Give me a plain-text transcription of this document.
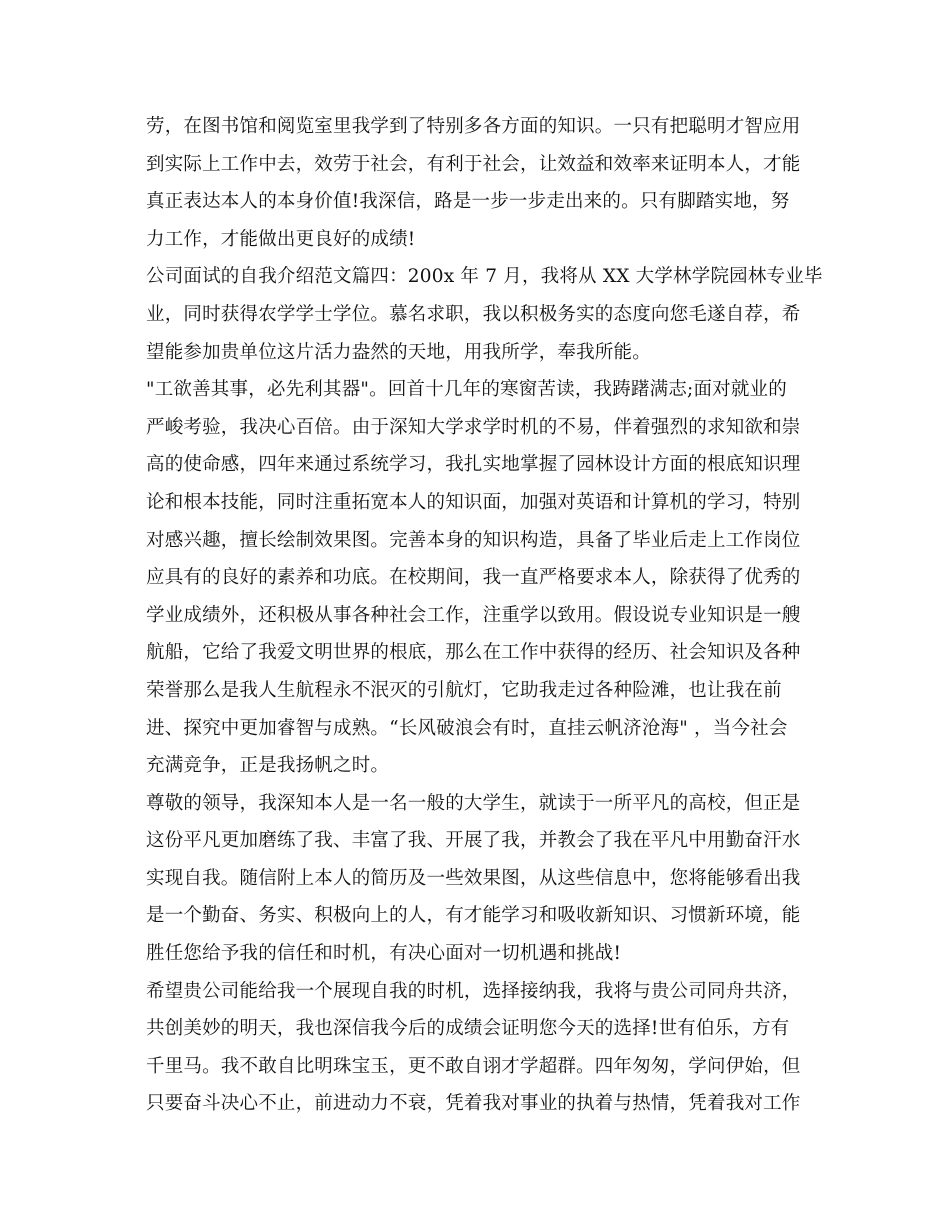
劳，在图书馆和阅览室里我学到了特别多各方面的知识。一只有把聪明才智应用
到实际上工作中去，效劳于社会，有利于社会，让效益和效率来证明本人，才能
真正表达本人的本身价值!我深信，路是一步一步走出来的。只有脚踏实地，努
力工作，才能做出更良好的成绩!
公司面试的自我介绍范文篇四：200x 年 7 月，我将从 XX 大学林学院园林专业毕
业，同时获得农学学士学位。慕名求职，我以积极务实的态度向您毛遂自荐，希
望能参加贵单位这片活力盎然的天地，用我所学，奉我所能。
"工欲善其事，必先利其器"。回首十几年的寒窗苦读，我踌躇满志;面对就业的
严峻考验，我决心百倍。由于深知大学求学时机的不易，伴着强烈的求知欲和崇
高的使命感，四年来通过系统学习，我扎实地掌握了园林设计方面的根底知识理
论和根本技能，同时注重拓宽本人的知识面，加强对英语和计算机的学习，特别
对感兴趣，擅长绘制效果图。完善本身的知识构造，具备了毕业后走上工作岗位
应具有的良好的素养和功底。在校期间，我一直严格要求本人，除获得了优秀的
学业成绩外，还积极从事各种社会工作，注重学以致用。假设说专业知识是一艘
航船，它给了我爱文明世界的根底，那么在工作中获得的经历、社会知识及各种
荣誉那么是我人生航程永不泯灭的引航灯，它助我走过各种险滩，也让我在前
进、探究中更加睿智与成熟。“长风破浪会有时，直挂云帆济沧海" ，当今社会
充满竞争，正是我扬帆之时。
尊敬的领导，我深知本人是一名一般的大学生，就读于一所平凡的高校，但正是
这份平凡更加磨练了我、丰富了我、开展了我，并教会了我在平凡中用勤奋汗水
实现自我。随信附上本人的简历及一些效果图，从这些信息中，您将能够看出我
是一个勤奋、务实、积极向上的人，有才能学习和吸收新知识、习惯新环境，能
胜任您给予我的信任和时机，有决心面对一切机遇和挑战!
希望贵公司能给我一个展现自我的时机，选择接纳我，我将与贵公司同舟共济，
共创美妙的明天，我也深信我今后的成绩会证明您今天的选择!世有伯乐，方有
千里马。我不敢自比明珠宝玉，更不敢自诩才学超群。四年匆匆，学问伊始，但
只要奋斗决心不止，前进动力不衰，凭着我对事业的执着与热情，凭着我对工作
